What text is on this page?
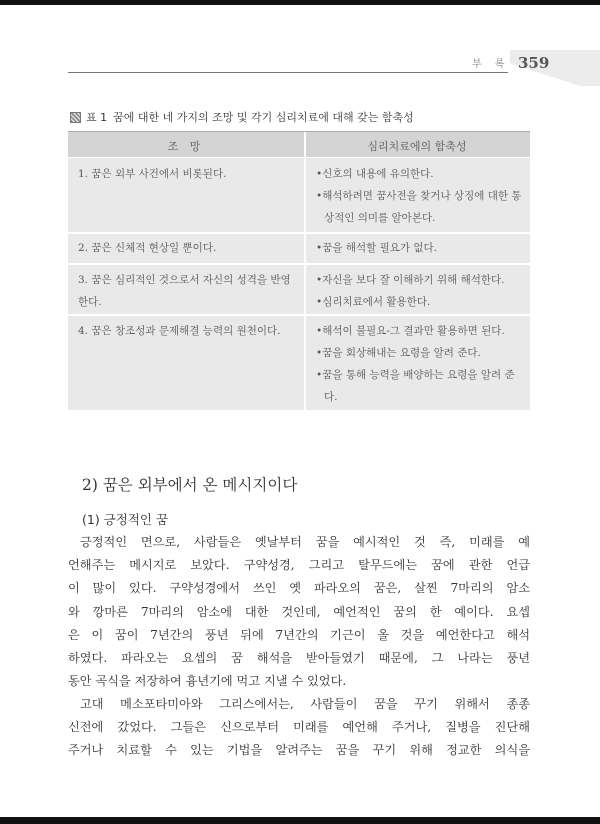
부 록 359
표 1 꿈에 대한 네 가지의 조망 및 각기 심리치료에 대해 갖는 함축성
조 망	심리치료에의 함축성
1. 꿈은 외부 사건에서 비롯된다.	•신호의 내용에 유의한다.
•해석하려면 꿈사전을 찾거나 상징에 대한 통상적인 의미를 알아본다.
2. 꿈은 신체적 현상일 뿐이다.	•꿈을 해석할 필요가 없다.
3. 꿈은 심리적인 것으로서 자신의 성격을 반영한다.
•자신을 보다 잘 이해하기 위해 해석한다.
•심리치료에서 활용한다.
4. 꿈은 창조성과 문제해결 능력의 원천이다.	•해석이 불필요-그 결과만 활용하면 된다.
•꿈을 회상해내는 요령을 알려 준다.
•꿈을 통해 능력을 배양하는 요령을 알려 준다.
2) 꿈은 외부에서 온 메시지이다
(1) 긍정적인 꿈
긍정적인 면으로, 사람들은 옛날부터 꿈을 예시적인 것 즉, 미래를 예
언해주는 메시지로 보았다. 구약성경, 그리고 탈무드에는 꿈에 관한 언급
이 많이 있다. 구약성경에서 쓰인 옛 파라오의 꿈은, 살찐 7마리의 암소
와 깡마른 7마리의 암소에 대한 것인데, 예언적인 꿈의 한 예이다. 요셉
은 이 꿈이 7년간의 풍년 뒤에 7년간의 기근이 올 것을 예언한다고 해석
하였다. 파라오는 요셉의 꿈 해석을 받아들였기 때문에, 그 나라는 풍년
동안 곡식을 저장하여 흉년기에 먹고 지낼 수 있었다.
고대 메소포타미아와 그리스에서는, 사람들이 꿈을 꾸기 위해서 종종
신전에 갔었다. 그들은 신으로부터 미래를 예언해 주거나, 질병을 진단해
주거나 치료할 수 있는 기법을 알려주는 꿈을 꾸기 위해 정교한 의식을
